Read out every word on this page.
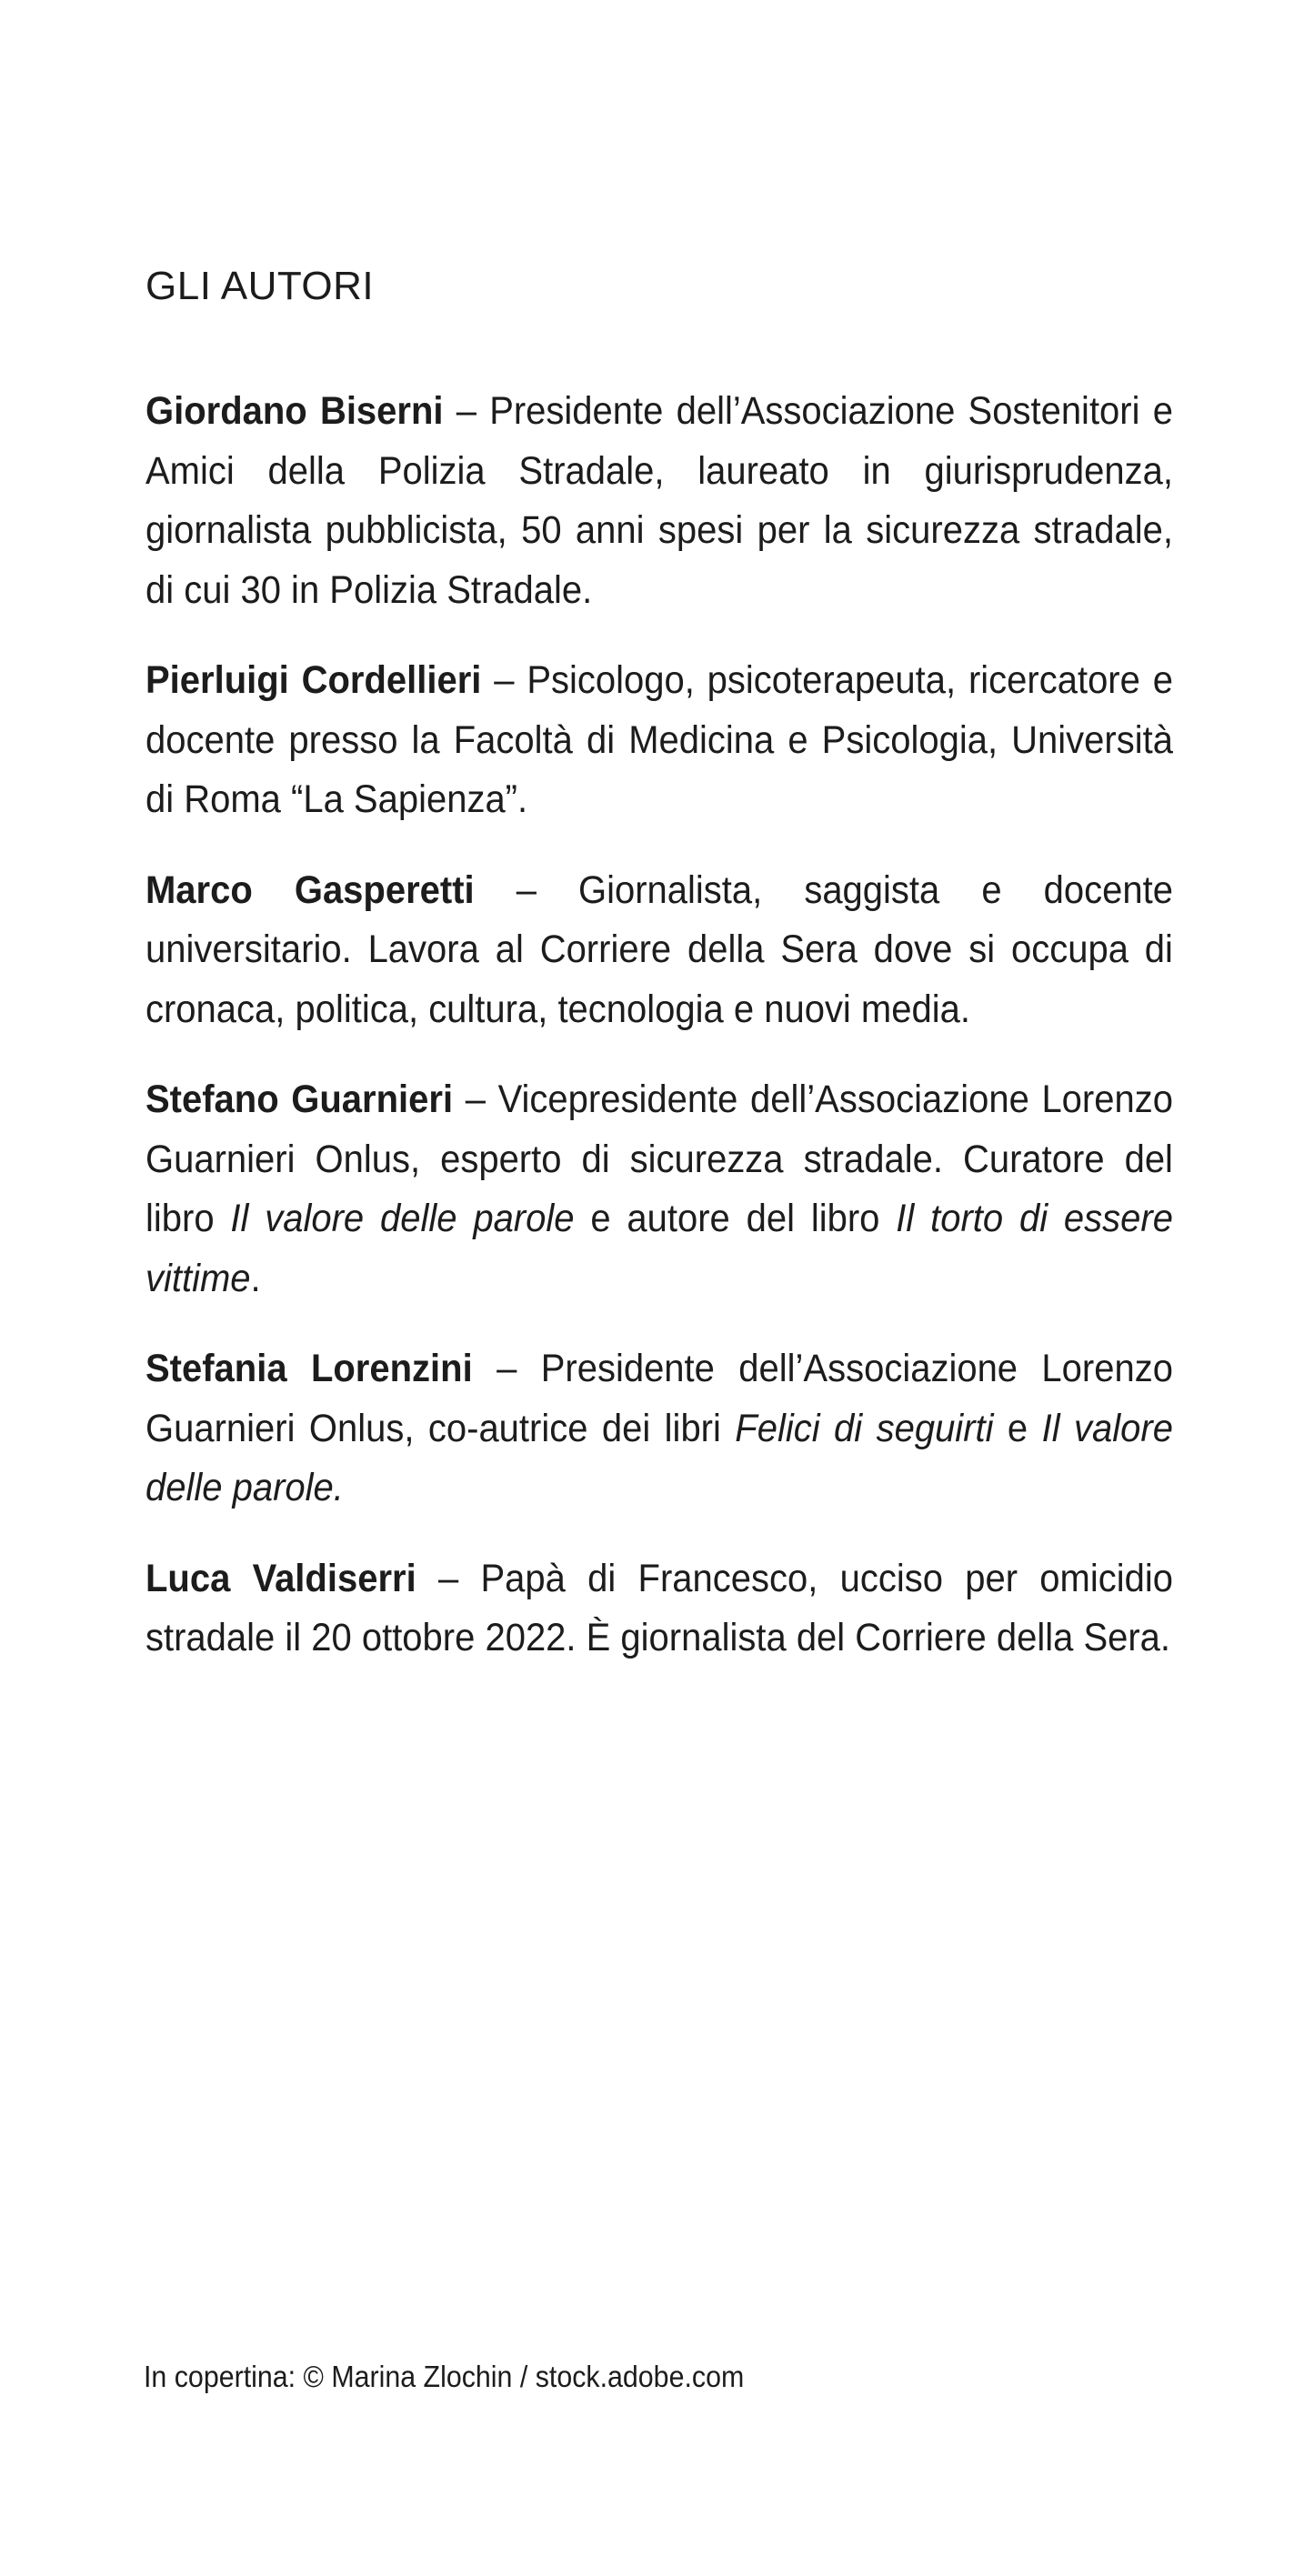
GLI AUTORI

Giordano Biserni – Presidente dell’Associazione Sostenitori e Amici della Polizia Stradale, laureato in giurisprudenza, giornalista pubblicista, 50 anni spesi per la sicurezza stradale, di cui 30 in Polizia Stradale.

Pierluigi Cordellieri – Psicologo, psicoterapeuta, ricercatore e docente presso la Facoltà di Medicina e Psicologia, Università di Roma “La Sapienza”.

Marco Gasperetti – Giornalista, saggista e docente universitario. Lavora al Corriere della Sera dove si occupa di cronaca, politica, cultura, tecnologia e nuovi media.

Stefano Guarnieri – Vicepresidente dell’Associazione Lorenzo Guarnieri Onlus, esperto di sicurezza stradale. Curatore del libro Il valore delle parole e autore del libro Il torto di essere vittime.

Stefania Lorenzini – Presidente dell’Associazione Lorenzo Guarnieri Onlus, co-autrice dei libri Felici di seguirti e Il valore delle parole.

Luca Valdiserri – Papà di Francesco, ucciso per omicidio stradale il 20 ottobre 2022. È giornalista del Corriere della Sera.

In copertina: © Marina Zlochin / stock.adobe.com
